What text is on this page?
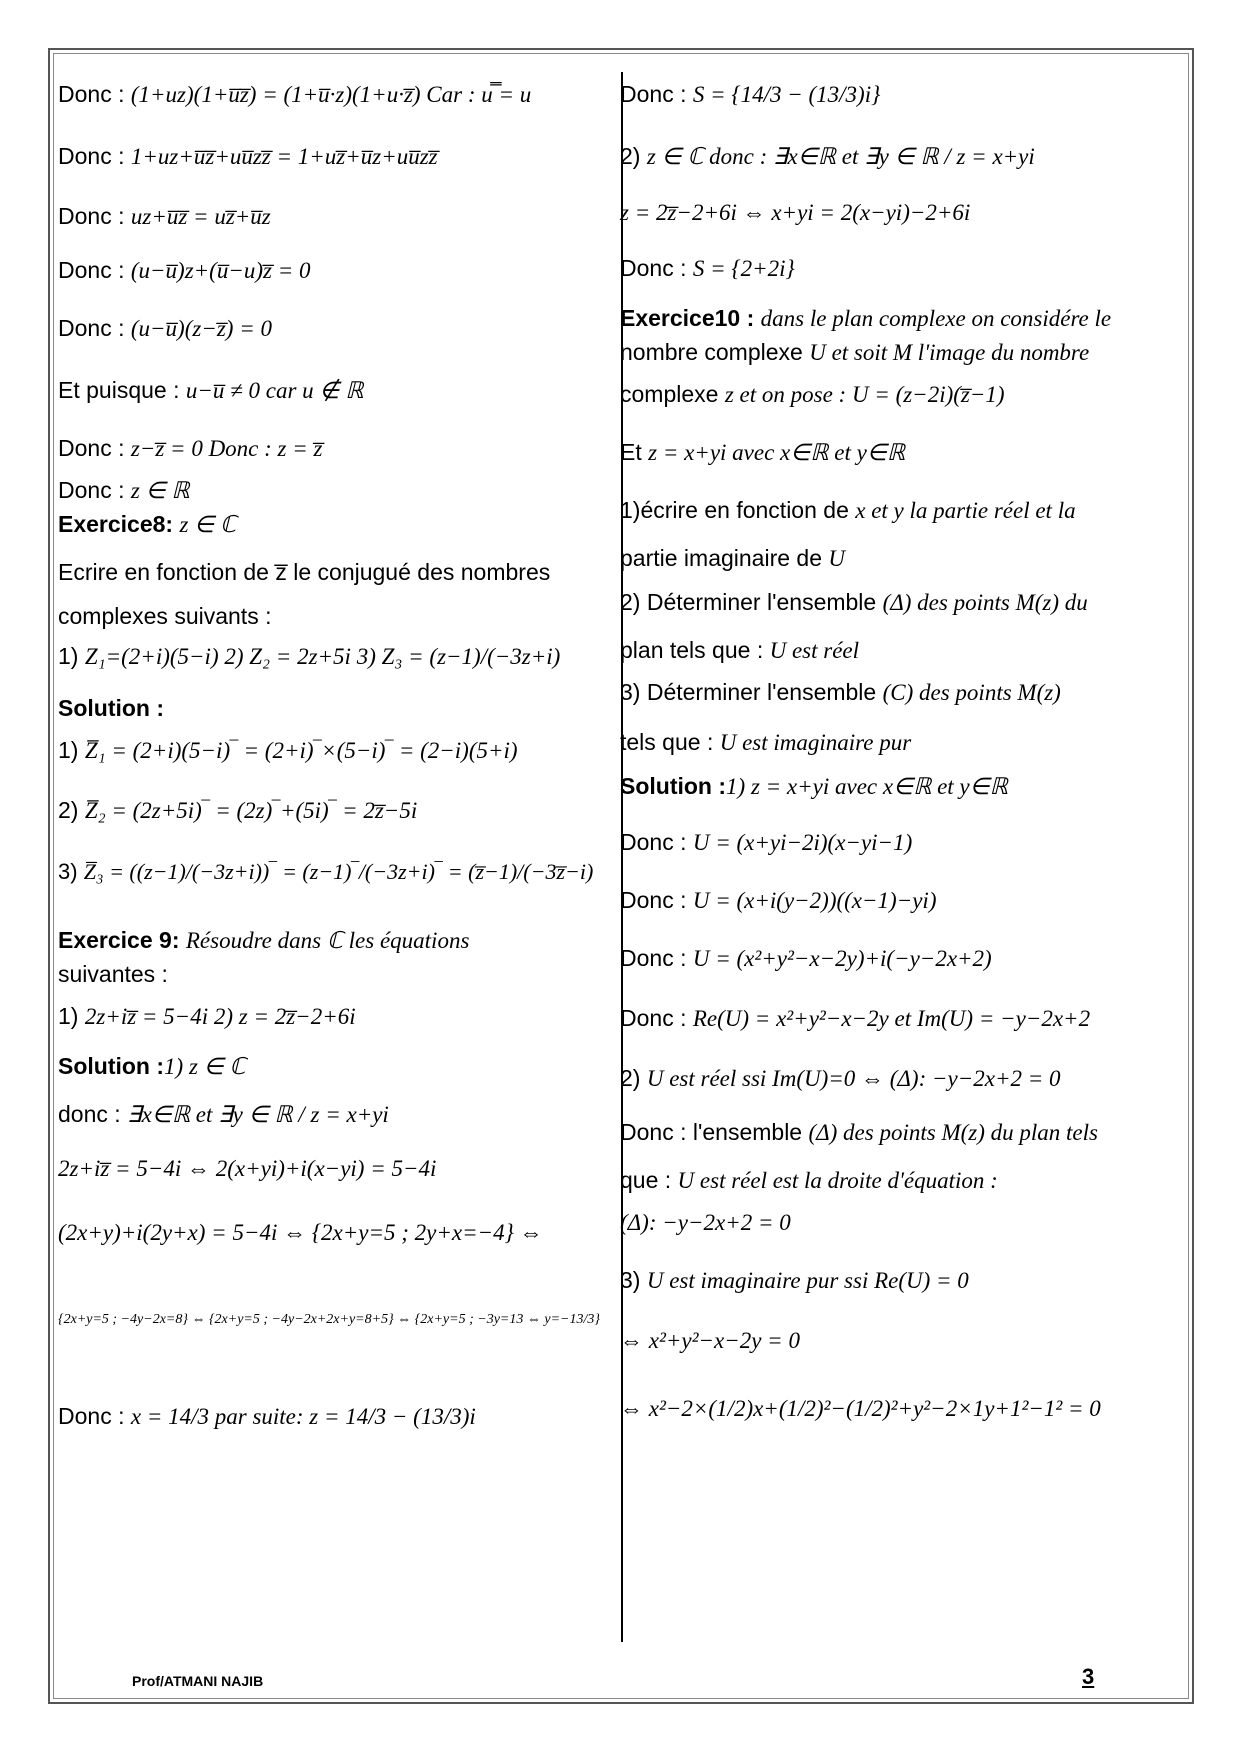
Donc : (1+uz)(1+u̅z̅) = (1+u̅·z)(1+u·z̅) Car : u̿ = u
Donc : 1+uz+u̅z̅+uu̅zz̅ = 1+uz̅+u̅z+uu̅zz̅
Donc : uz+u̅z̅ = uz̅+u̅z
Donc : (u−u̅)z+(u̅−u)z̅ = 0
Donc : (u−u̅)(z−z̅) = 0
Et puisque : u−u̅ ≠ 0 car u ∉ ℝ
Donc : z−z̅ = 0 Donc : z = z̅
Donc : z ∈ ℝ
Exercice8: z ∈ ℂ
Ecrire en fonction de z̅ le conjugué des nombres
complexes suivants :
1) Z₁=(2+i)(5−i) 2) Z₂ = 2z+5i 3) Z₃ = (z−1)/(−3z+i)
Solution :
1) Z̅₁ = (2+i)(5−i)‾ = (2+i)‾×(5−i)‾ = (2−i)(5+i)
2) Z̅₂ = (2z+5i)‾ = (2z)‾+(5i)‾ = 2z̅−5i
3) Z̅₃ = ((z−1)/(−3z+i))‾ = (z−1)‾/(−3z+i)‾ = (z̅−1)/(−3z̅−i)
Exercice 9: Résoudre dans ℂ les équations
suivantes :
1) 2z+iz̅ = 5−4i 2) z = 2z̅−2+6i
Solution :1) z ∈ ℂ
donc : ∃x∈ℝ et ∃y ∈ ℝ / z = x+yi
2z+iz̅ = 5−4i ⇔ 2(x+yi)+i(x−yi) = 5−4i
(2x+y)+i(2y+x) = 5−4i ⇔ {2x+y=5 ; 2y+x=−4} ⇔
{2x+y=5 ; −4y−2x=8} ⇔ {2x+y=5 ; −4y−2x+2x+y=8+5} ⇔ {2x+y=5 ; −3y=13 ⇔ y=−13/3}
Donc : x = 14/3 par suite: z = 14/3 − (13/3)i
Donc : S = {14/3 − (13/3)i}
2) z ∈ ℂ donc : ∃x∈ℝ et ∃y ∈ ℝ / z = x+yi
z = 2z̅−2+6i ⇔ x+yi = 2(x−yi)−2+6i
Donc : S = {2+2i}
Exercice10 : dans le plan complexe on considére le
nombre complexe U et soit M l'image du nombre
complexe z et on pose : U = (z−2i)(z̅−1)
Et z = x+yi avec x∈ℝ et y∈ℝ
1)écrire en fonction de x et y la partie réel et la
partie imaginaire de U
2) Déterminer l'ensemble (Δ) des points M(z) du
plan tels que : U est réel
3) Déterminer l'ensemble (C) des points M(z)
tels que : U est imaginaire pur
Solution :1) z = x+yi avec x∈ℝ et y∈ℝ
Donc : U = (x+yi−2i)(x−yi−1)
Donc : U = (x+i(y−2))((x−1)−yi)
Donc : U = (x²+y²−x−2y)+i(−y−2x+2)
Donc : Re(U) = x²+y²−x−2y et Im(U) = −y−2x+2
2) U est réel ssi Im(U)=0 ⇔ (Δ): −y−2x+2 = 0
Donc : l'ensemble (Δ) des points M(z) du plan tels
que : U est réel est la droite d'équation :
(Δ): −y−2x+2 = 0
3) U est imaginaire pur ssi Re(U) = 0
⇔ x²+y²−x−2y = 0
⇔ x²−2×(1/2)x+(1/2)²−(1/2)²+y²−2×1y+1²−1² = 0
Prof/ATMANI NAJIB	3
